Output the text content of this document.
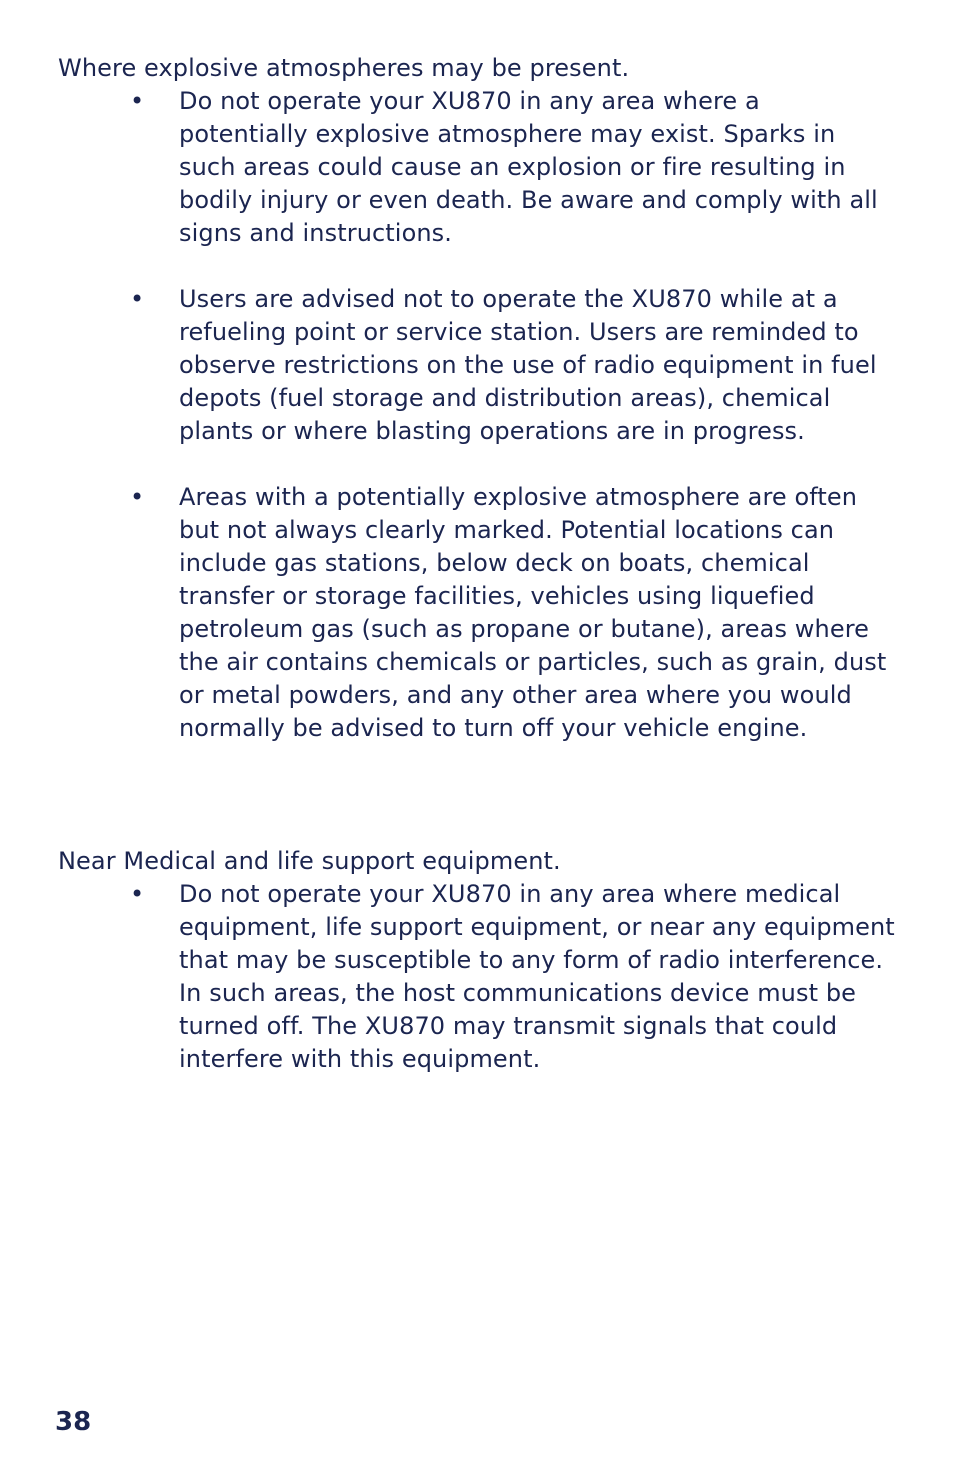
Where explosive atmospheres may be present.
• Do not operate your XU870 in any area where a potentially explosive atmosphere may exist. Sparks in such areas could cause an explosion or fire resulting in bodily injury or even death. Be aware and comply with all signs and instructions.
• Users are advised not to operate the XU870 while at a refueling point or service station. Users are reminded to observe restrictions on the use of radio equipment in fuel depots (fuel storage and distribution areas), chemical plants or where blasting operations are in progress.
• Areas with a potentially explosive atmosphere are often but not always clearly marked. Potential locations can include gas stations, below deck on boats, chemical transfer or storage facilities, vehicles using liquefied petroleum gas (such as propane or butane), areas where the air contains chemicals or particles, such as grain, dust or metal powders, and any other area where you would normally be advised to turn off your vehicle engine.
Near Medical and life support equipment.
• Do not operate your XU870 in any area where medical equipment, life support equipment, or near any equipment that may be susceptible to any form of radio interference. In such areas, the host communications device must be turned off. The XU870 may transmit signals that could interfere with this equipment.
38
